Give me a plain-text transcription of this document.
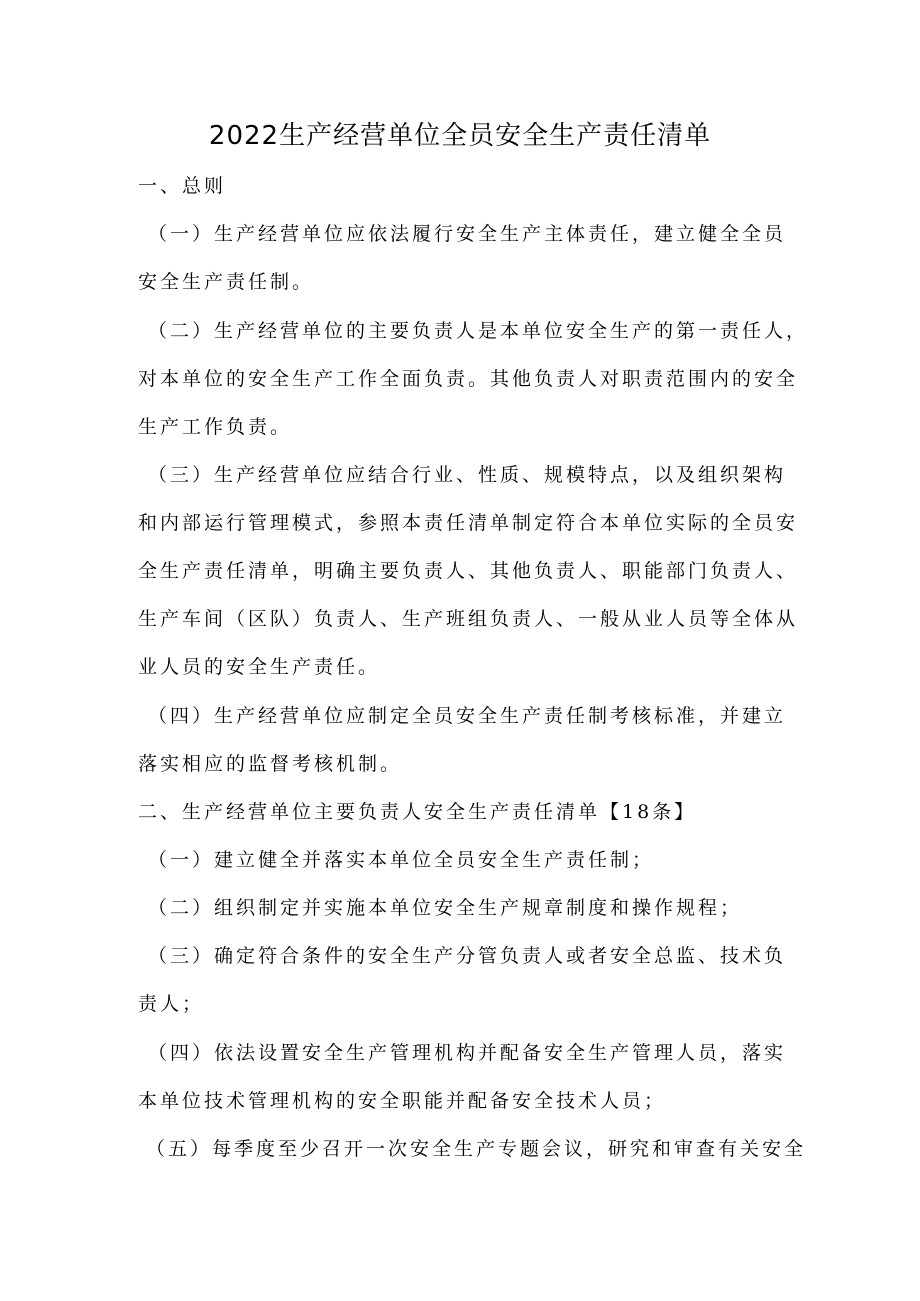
2022生产经营单位全员安全生产责任清单
一、总则
（一）生产经营单位应依法履行安全生产主体责任，建立健全全员
安全生产责任制。
（二）生产经营单位的主要负责人是本单位安全生产的第一责任人，
对本单位的安全生产工作全面负责。其他负责人对职责范围内的安全
生产工作负责。
（三）生产经营单位应结合行业、性质、规模特点，以及组织架构
和内部运行管理模式，参照本责任清单制定符合本单位实际的全员安
全生产责任清单，明确主要负责人、其他负责人、职能部门负责人、
生产车间（区队）负责人、生产班组负责人、一般从业人员等全体从
业人员的安全生产责任。
（四）生产经营单位应制定全员安全生产责任制考核标准，并建立
落实相应的监督考核机制。
二、生产经营单位主要负责人安全生产责任清单【18条】
（一）建立健全并落实本单位全员安全生产责任制；
（二）组织制定并实施本单位安全生产规章制度和操作规程；
（三）确定符合条件的安全生产分管负责人或者安全总监、技术负
责人；
（四）依法设置安全生产管理机构并配备安全生产管理人员，落实
本单位技术管理机构的安全职能并配备安全技术人员；
（五）每季度至少召开一次安全生产专题会议，研究和审查有关安全
